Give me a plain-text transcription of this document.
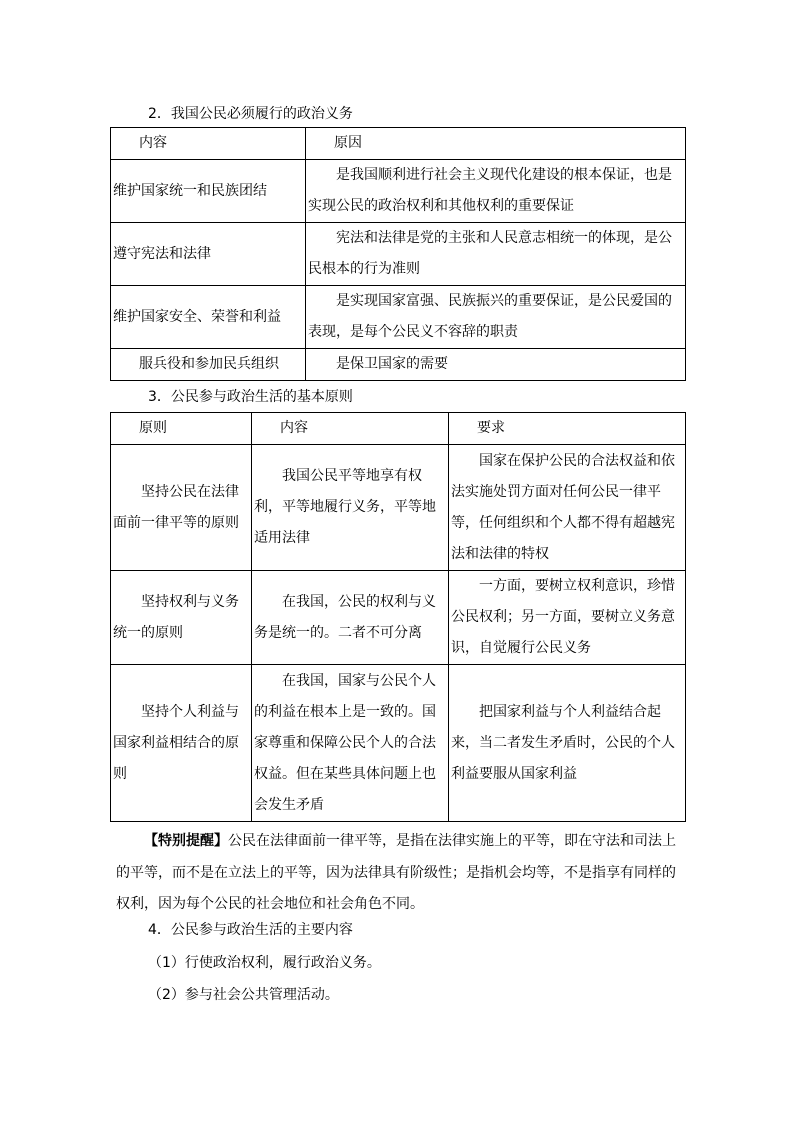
2．我国公民必须履行的政治义务
内容	原因
维护国家统一和民族团结	是我国顺利进行社会主义现代化建设的根本保证，也是实现公民的政治权利和其他权利的重要保证
遵守宪法和法律	宪法和法律是党的主张和人民意志相统一的体现，是公民根本的行为准则
维护国家安全、荣誉和利益	是实现国家富强、民族振兴的重要保证，是公民爱国的表现，是每个公民义不容辞的职责
服兵役和参加民兵组织	是保卫国家的需要
3．公民参与政治生活的基本原则
原则	内容	要求
坚持公民在法律面前一律平等的原则	我国公民平等地享有权利，平等地履行义务，平等地适用法律	国家在保护公民的合法权益和依法实施处罚方面对任何公民一律平等，任何组织和个人都不得有超越宪法和法律的特权
坚持权利与义务统一的原则	在我国，公民的权利与义务是统一的。二者不可分离	一方面，要树立权利意识，珍惜公民权利；另一方面，要树立义务意识，自觉履行公民义务
坚持个人利益与国家利益相结合的原则	在我国，国家与公民个人的利益在根本上是一致的。国家尊重和保障公民个人的合法权益。但在某些具体问题上也会发生矛盾	把国家利益与个人利益结合起来，当二者发生矛盾时，公民的个人利益要服从国家利益
【特别提醒】公民在法律面前一律平等，是指在法律实施上的平等，即在守法和司法上的平等，而不是在立法上的平等，因为法律具有阶级性；是指机会均等，不是指享有同样的权利，因为每个公民的社会地位和社会角色不同。
4．公民参与政治生活的主要内容
（1）行使政治权利，履行政治义务。
（2）参与社会公共管理活动。
